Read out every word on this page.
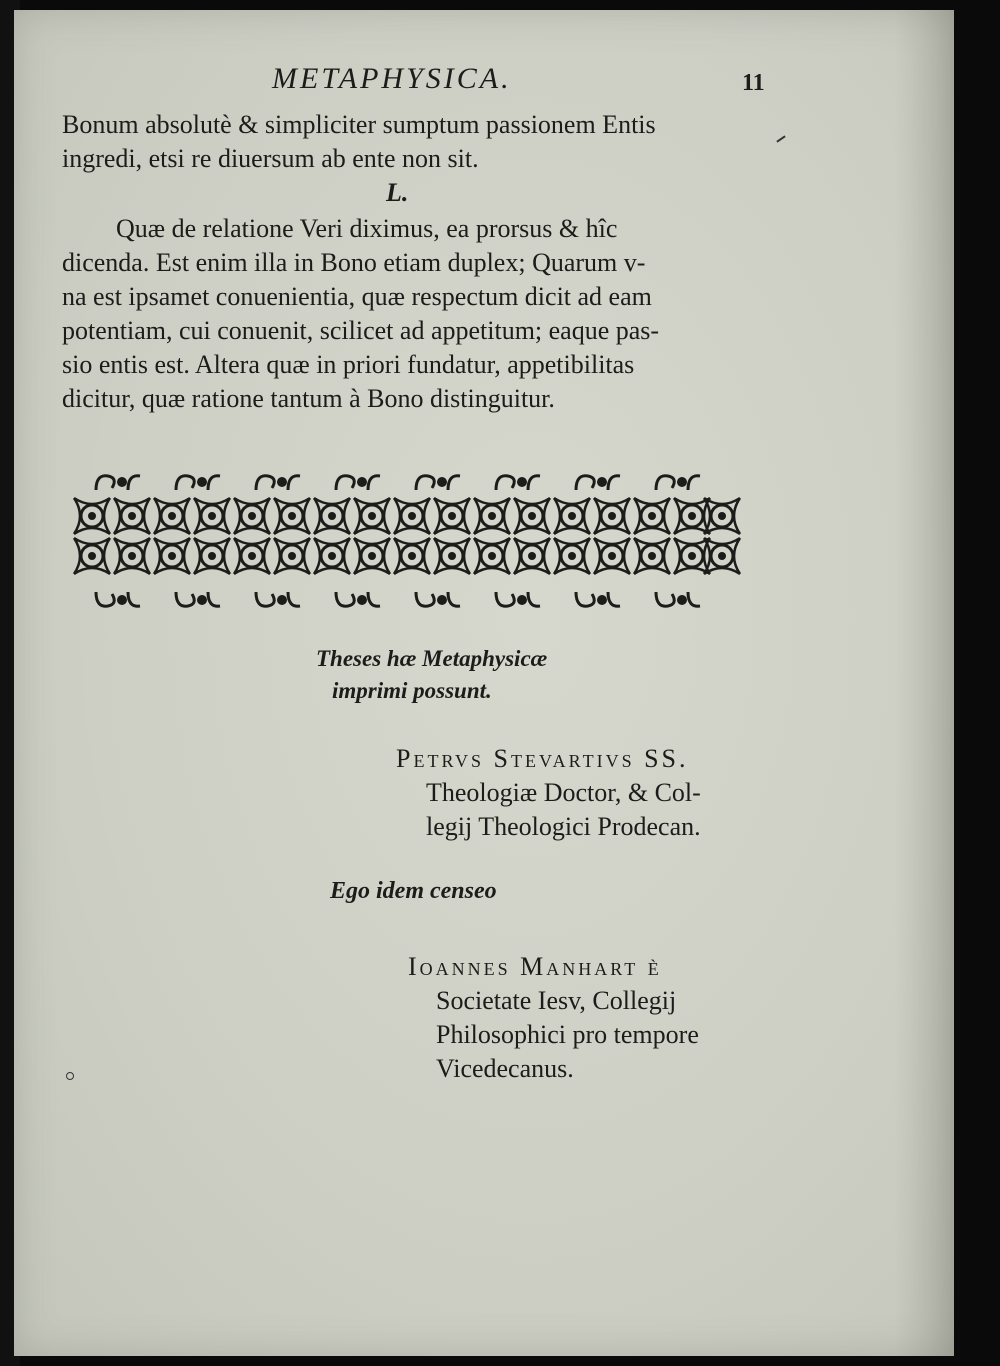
METAPHYSICA.	11
Bonum absolutè & simpliciter sumptum passionem Entis
ingredi, etsi re diuersum ab ente non sit.
L.
Quæ de relatione Veri diximus, ea prorsus & hîc
dicenda. Est enim illa in Bono etiam duplex; Quarum v-
na est ipsamet conuenientia, quæ respectum dicit ad eam
potentiam, cui conuenit, scilicet ad appetitum; eaque pas-
sio entis est. Altera quæ in priori fundatur, appetibilitas
dicitur, quæ ratione tantum à Bono distinguitur.
Theses hæ Metaphysicæ
imprimi possunt.
Petrvs Stevartivs SS.
Theologiæ Doctor, & Col-
legij Theologici Prodecan.
Ego idem censeo
Ioannes Manhart è
Societate Iesv, Collegij
Philosophici pro tempore
Vicedecanus.
